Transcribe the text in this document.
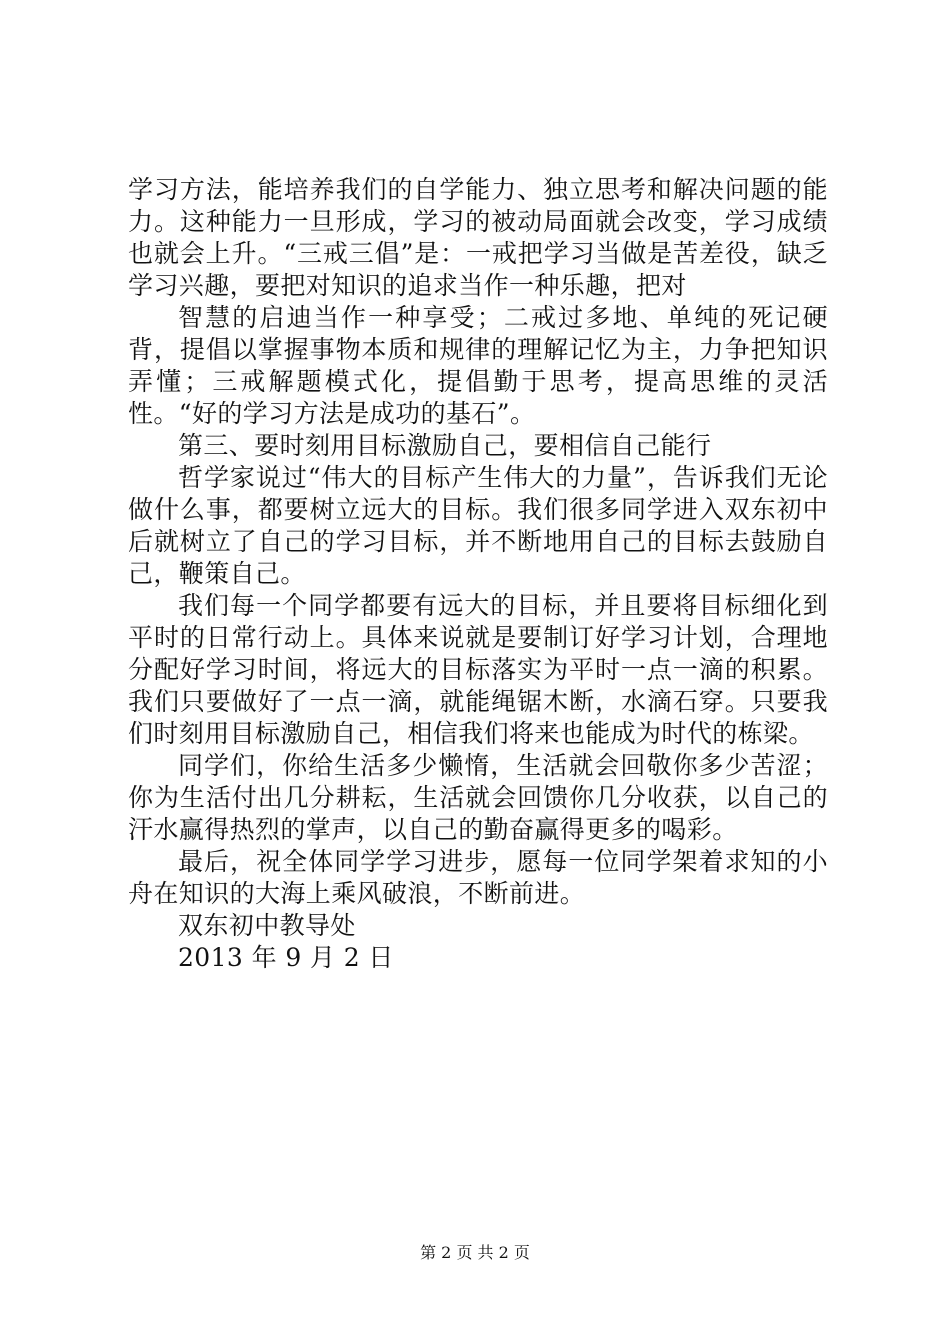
学习方法，能培养我们的自学能力、独立思考和解决问题的能力。这种能力一旦形成，学习的被动局面就会改变，学习成绩也就会上升。“三戒三倡”是：一戒把学习当做是苦差役，缺乏学习兴趣，要把对知识的追求当作一种乐趣，把对

智慧的启迪当作一种享受；二戒过多地、单纯的死记硬背，提倡以掌握事物本质和规律的理解记忆为主，力争把知识弄懂；三戒解题模式化，提倡勤于思考，提高思维的灵活性。“好的学习方法是成功的基石”。

第三、要时刻用目标激励自己，要相信自己能行

哲学家说过“伟大的目标产生伟大的力量”，告诉我们无论做什么事，都要树立远大的目标。我们很多同学进入双东初中后就树立了自己的学习目标，并不断地用自己的目标去鼓励自己，鞭策自己。

我们每一个同学都要有远大的目标，并且要将目标细化到平时的日常行动上。具体来说就是要制订好学习计划，合理地分配好学习时间，将远大的目标落实为平时一点一滴的积累。我们只要做好了一点一滴，就能绳锯木断，水滴石穿。只要我们时刻用目标激励自己，相信我们将来也能成为时代的栋梁。

同学们，你给生活多少懒惰，生活就会回敬你多少苦涩；你为生活付出几分耕耘，生活就会回馈你几分收获，以自己的汗水赢得热烈的掌声，以自己的勤奋赢得更多的喝彩。

最后，祝全体同学学习进步，愿每一位同学架着求知的小舟在知识的大海上乘风破浪，不断前进。

双东初中教导处

2013 年 9 月 2 日

第 2 页 共 2 页
